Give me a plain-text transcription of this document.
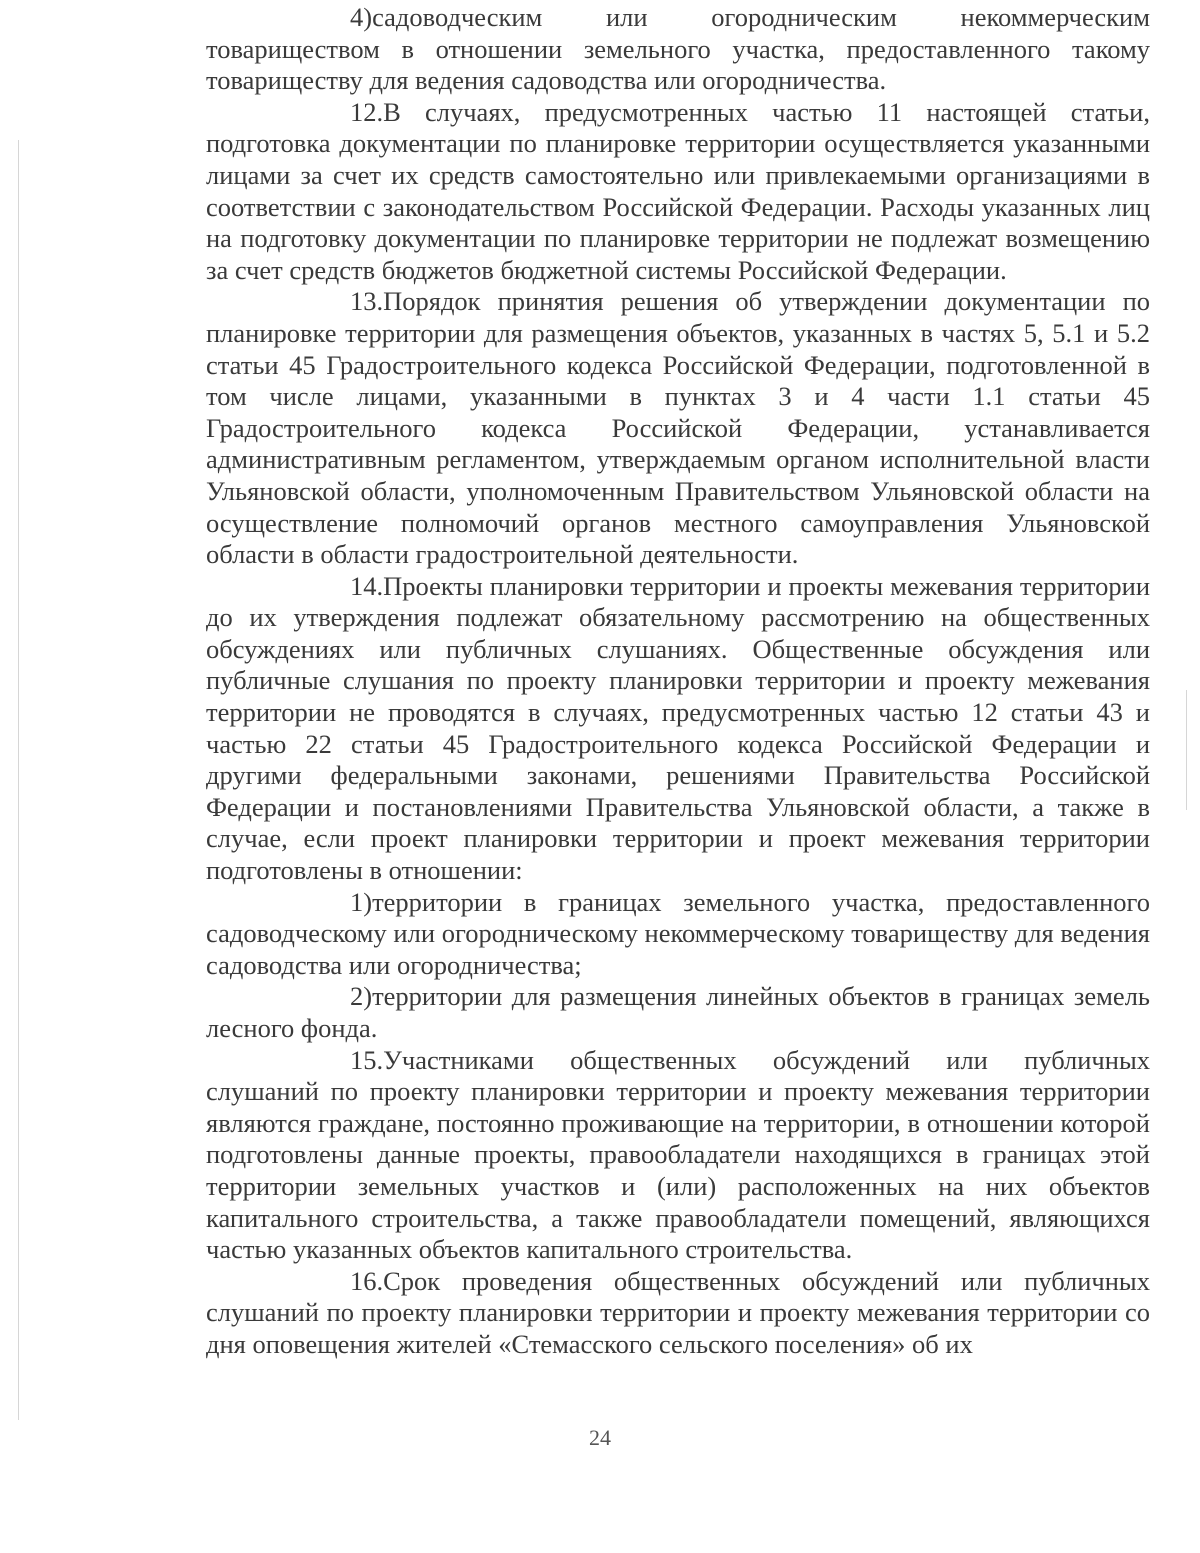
4)садоводческим или огородническим некоммерческим товариществом в отношении земельного участка, предоставленного такому товариществу для ведения садоводства или огородничества.

12.В случаях, предусмотренных частью 11 настоящей статьи, подготовка документации по планировке территории осуществляется указанными лицами за счет их средств самостоятельно или привлекаемыми организациями в соответствии с законодательством Российской Федерации. Расходы указанных лиц на подготовку документации по планировке территории не подлежат возмещению за счет средств бюджетов бюджетной системы Российской Федерации.

13.Порядок принятия решения об утверждении документации по планировке территории для размещения объектов, указанных в частях 5, 5.1 и 5.2 статьи 45 Градостроительного кодекса Российской Федерации, подготовленной в том числе лицами, указанными в пунктах 3 и 4 части 1.1 статьи 45 Градостроительного кодекса Российской Федерации, устанавливается административным регламентом, утверждаемым органом исполнительной власти Ульяновской области, уполномоченным Правительством Ульяновской области на осуществление полномочий органов местного самоуправления Ульяновской области в области градостроительной деятельности.

14.Проекты планировки территории и проекты межевания территории до их утверждения подлежат обязательному рассмотрению на общественных обсуждениях или публичных слушаниях. Общественные обсуждения или публичные слушания по проекту планировки территории и проекту межевания территории не проводятся в случаях, предусмотренных частью 12 статьи 43 и частью 22 статьи 45 Градостроительного кодекса Российской Федерации и другими федеральными законами, решениями Правительства Российской Федерации и постановлениями Правительства Ульяновской области, а также в случае, если проект планировки территории и проект межевания территории подготовлены в отношении:

1)территории в границах земельного участка, предоставленного садоводческому или огородническому некоммерческому товариществу для ведения садоводства или огородничества;

2)территории для размещения линейных объектов в границах земель лесного фонда.

15.Участниками общественных обсуждений или публичных слушаний по проекту планировки территории и проекту межевания территории являются граждане, постоянно проживающие на территории, в отношении которой подготовлены данные проекты, правообладатели находящихся в границах этой территории земельных участков и (или) расположенных на них объектов капитального строительства, а также правообладатели помещений, являющихся частью указанных объектов капитального строительства.

16.Срок проведения общественных обсуждений или публичных слушаний по проекту планировки территории и проекту межевания территории со дня оповещения жителей «Стемасского сельского поселения» об их

24
